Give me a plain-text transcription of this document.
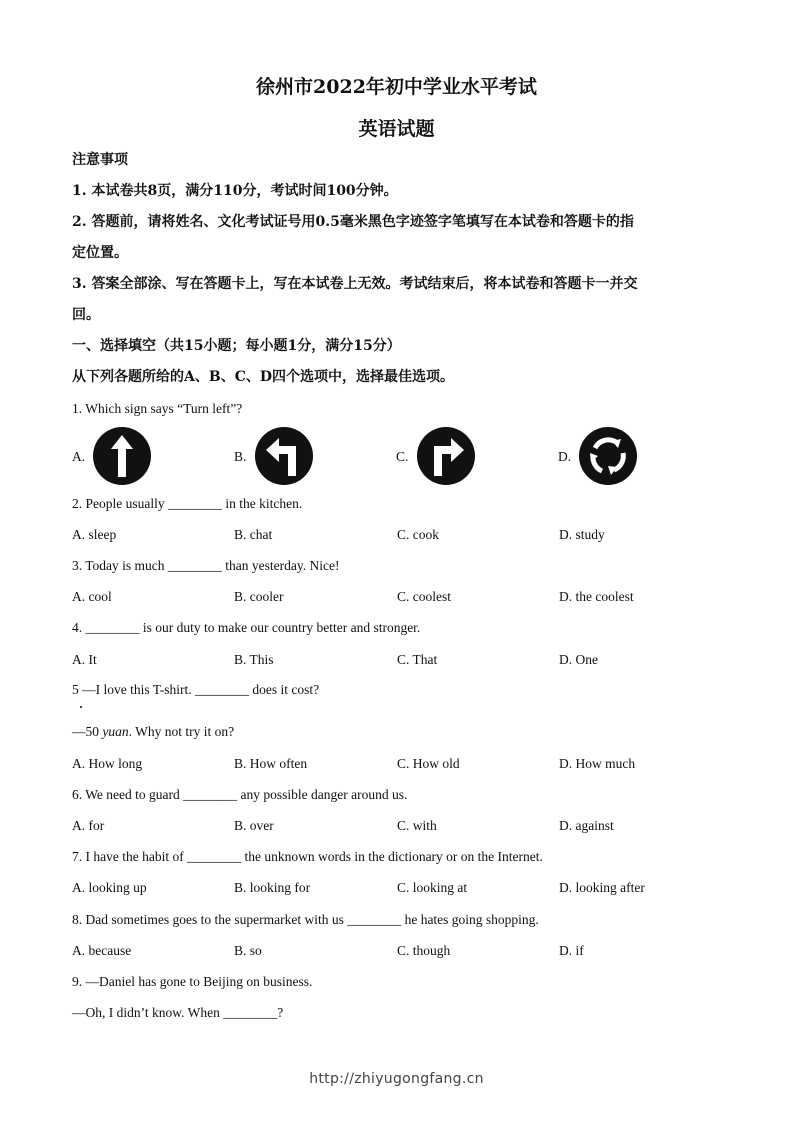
徐州市2022年初中学业水平考试
英语试题
注意事项
1. 本试卷共8页，满分110分，考试时间100分钟。
2. 答题前，请将姓名、文化考试证号用0.5毫米黑色字迹签字笔填写在本试卷和答题卡的指
定位置。
3. 答案全部涂、写在答题卡上，写在本试卷上无效。考试结束后，将本试卷和答题卡一并交
回。
一、选择填空（共15小题；每小题1分，满分15分）
从下列各题所给的A、B、C、D四个选项中，选择最佳选项。
1. Which sign says “Turn left”?
A.	B.	C.	D.
2. People usually ________ in the kitchen.
A. sleep	B. chat	C. cook	D. study
3. Today is much ________ than yesterday. Nice!
A. cool	B. cooler	C. coolest	D. the coolest
4. ________ is our duty to make our country better and stronger.
A. It	B. This	C. That	D. One
5 —I love this T-shirt. ________ does it cost?
—50 yuan. Why not try it on?
A. How long	B. How often	C. How old	D. How much
6. We need to guard ________ any possible danger around us.
A. for	B. over	C. with	D. against
7. I have the habit of ________ the unknown words in the dictionary or on the Internet.
A. looking up	B. looking for	C. looking at	D. looking after
8. Dad sometimes goes to the supermarket with us ________ he hates going shopping.
A. because	B. so	C. though	D. if
9. —Daniel has gone to Beijing on business.
—Oh, I didn’t know. When ________?
http://zhiyugongfang.cn
